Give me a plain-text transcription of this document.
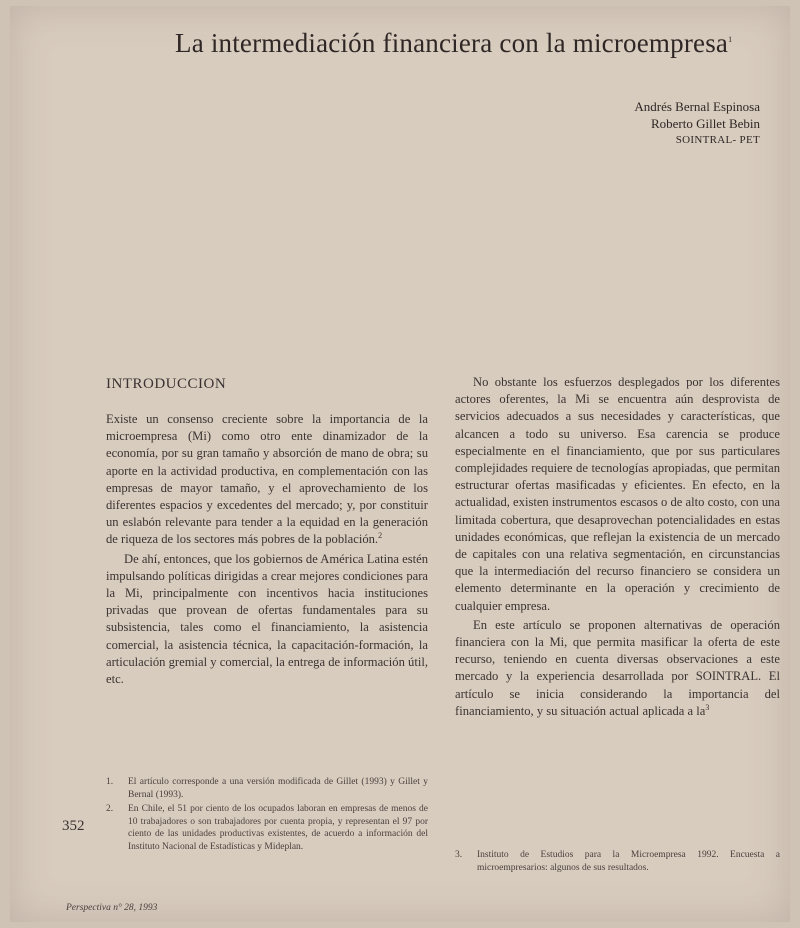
La intermediación financiera con la microempresa$^1$
Andrés Bernal Espinosa
Roberto Gillet Bebin
SOINTRAL- PET
INTRODUCCION

Existe un consenso creciente sobre la importancia de la microempresa (Mi) como otro ente dinamizador de la economía, por su gran tamaño y absorción de mano de obra; su aporte en la actividad productiva, en complementación con las empresas de mayor tamaño, y el aprovechamiento de los diferentes espacios y excedentes del mercado; y, por constituir un eslabón relevante para tender a la equidad en la generación de riqueza de los sectores más pobres de la población.$^2$

De ahí, entonces, que los gobiernos de América Latina estén impulsando políticas dirigidas a crear mejores condiciones para la Mi, principalmente con incentivos hacia instituciones privadas que provean de ofertas fundamentales para su subsistencia, tales como el financiamiento, la asistencia comercial, la asistencia técnica, la capacitación-formación, la articulación gremial y comercial, la entrega de información útil, etc.

No obstante los esfuerzos desplegados por los diferentes actores oferentes, la Mi se encuentra aún desprovista de servicios adecuados a sus necesidades y características, que alcancen a todo su universo. Esa carencia se produce especialmente en el financiamiento, que por sus particulares complejidades requiere de tecnologías apropiadas, que permitan estructurar ofertas masificadas y eficientes. En efecto, en la actualidad, existen instrumentos escasos o de alto costo, con una limitada cobertura, que desaprovechan potencialidades en estas unidades económicas, que reflejan la existencia de un mercado de capitales con una relativa segmentación, en circunstancias que la intermediación del recurso financiero se considera un elemento determinante en la operación y crecimiento de cualquier empresa.

En este artículo se proponen alternativas de operación financiera con la Mi, que permita masificar la oferta de este recurso, teniendo en cuenta diversas observaciones a este mercado y la experiencia desarrollada por SOINTRAL. El artículo se inicia considerando la importancia del financiamiento, y su situación actual aplicada a $la^3$

1.	El artículo corresponde a una versión modificada de Gillet (1993) y Gillet y Bernal (1993).
2.	En Chile, el 51 por ciento de los ocupados laboran en empresas de menos de 10 trabajadores o son trabajadores por cuenta propia, y representan el 97 por ciento de las unidades productivas existentes, de acuerdo a información del Instituto Nacional de Estadísticas y Mideplan.
3.	Instituto de Estudios para la Microempresa 1992. Encuesta a microempresarios: algunos de sus resultados.
352
Perspectiva n° 28, 1993
